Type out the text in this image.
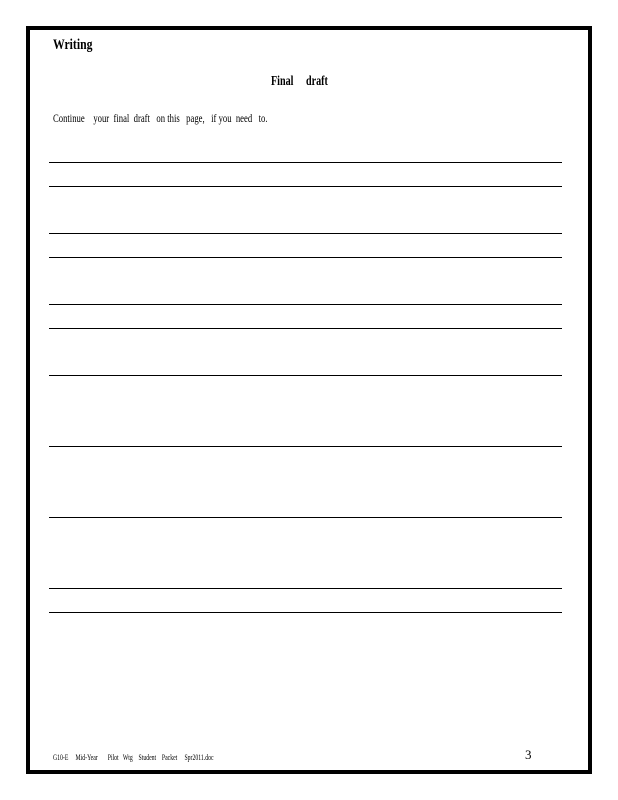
Writing
Final     draft
Continue    your  final  draft   on this   page,   if you  need   to.
G10-E     Mid-Year       Pilot   Wtg    Student    Packet     Spr2011.doc	3
